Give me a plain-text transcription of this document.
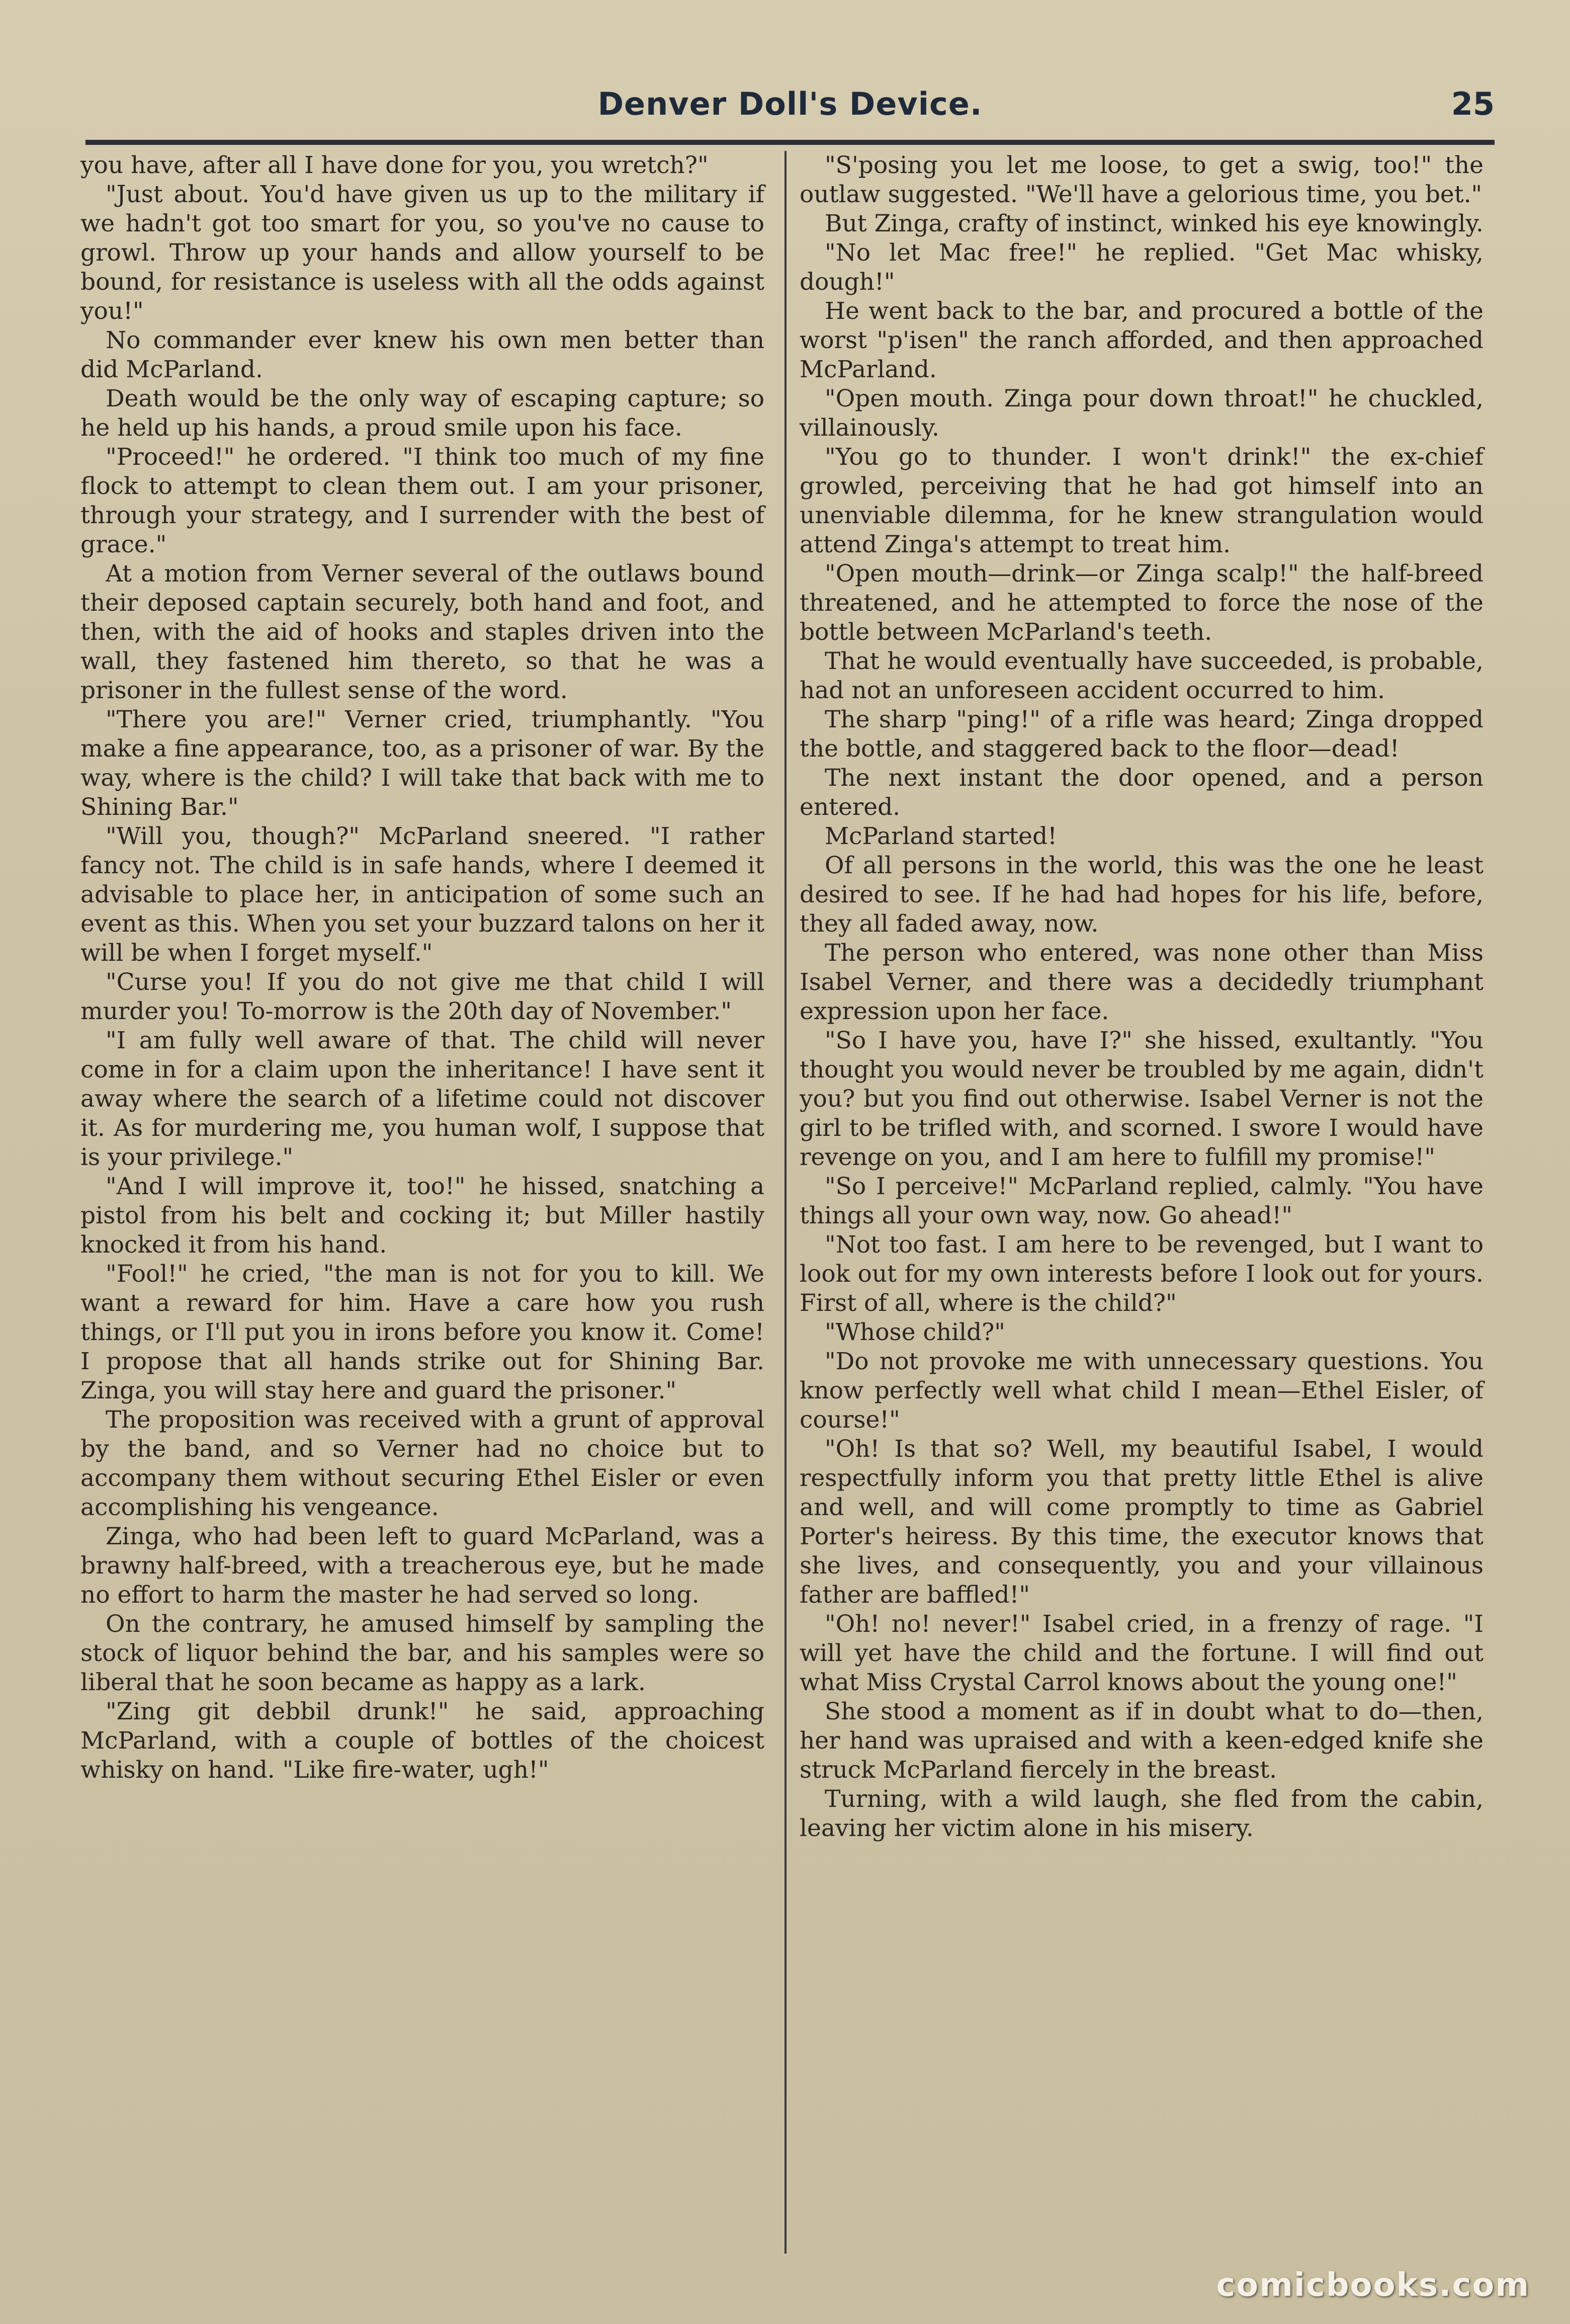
Denver Doll's Device.	25

you have, after all I have done for you, you wretch?"

"Just about. You'd have given us up to the military if we hadn't got too smart for you, so you've no cause to growl. Throw up your hands and allow yourself to be bound, for resistance is useless with all the odds against you!"

No commander ever knew his own men better than did McParland.

Death would be the only way of escaping capture; so he held up his hands, a proud smile upon his face.

"Proceed!" he ordered. "I think too much of my fine flock to attempt to clean them out. I am your prisoner, through your strategy, and I surrender with the best of grace."

At a motion from Verner several of the outlaws bound their deposed captain securely, both hand and foot, and then, with the aid of hooks and staples driven into the wall, they fastened him thereto, so that he was a prisoner in the fullest sense of the word.

"There you are!" Verner cried, triumphantly. "You make a fine appearance, too, as a prisoner of war. By the way, where is the child? I will take that back with me to Shining Bar."

"Will you, though?" McParland sneered. "I rather fancy not. The child is in safe hands, where I deemed it advisable to place her, in anticipation of some such an event as this. When you set your buzzard talons on her it will be when I forget myself."

"Curse you! If you do not give me that child I will murder you! To-morrow is the 20th day of November."

"I am fully well aware of that. The child will never come in for a claim upon the inheritance! I have sent it away where the search of a lifetime could not discover it. As for murdering me, you human wolf, I suppose that is your privilege."

"And I will improve it, too!" he hissed, snatching a pistol from his belt and cocking it; but Miller hastily knocked it from his hand.

"Fool!" he cried, "the man is not for you to kill. We want a reward for him. Have a care how you rush things, or I'll put you in irons before you know it. Come! I propose that all hands strike out for Shining Bar. Zinga, you will stay here and guard the prisoner."

The proposition was received with a grunt of approval by the band, and so Verner had no choice but to accompany them without securing Ethel Eisler or even accomplishing his vengeance.

Zinga, who had been left to guard McParland, was a brawny half-breed, with a treacherous eye, but he made no effort to harm the master he had served so long.

On the contrary, he amused himself by sampling the stock of liquor behind the bar, and his samples were so liberal that he soon became as happy as a lark.

"Zing git debbil drunk!" he said, approaching McParland, with a couple of bottles of the choicest whisky on hand. "Like fire-water, ugh!"

"S'posing you let me loose, to get a swig, too!" the outlaw suggested. "We'll have a gelorious time, you bet."

But Zinga, crafty of instinct, winked his eye knowingly.

"No let Mac free!" he replied. "Get Mac whisky, dough!"

He went back to the bar, and procured a bottle of the worst "p'isen" the ranch afforded, and then approached McParland.

"Open mouth. Zinga pour down throat!" he chuckled, villainously.

"You go to thunder. I won't drink!" the ex-chief growled, perceiving that he had got himself into an unenviable dilemma, for he knew strangulation would attend Zinga's attempt to treat him.

"Open mouth—drink—or Zinga scalp!" the half-breed threatened, and he attempted to force the nose of the bottle between McParland's teeth.

That he would eventually have succeeded, is probable, had not an unforeseen accident occurred to him.

The sharp "ping!" of a rifle was heard; Zinga dropped the bottle, and staggered back to the floor—dead!

The next instant the door opened, and a person entered.

McParland started!

Of all persons in the world, this was the one he least desired to see. If he had had hopes for his life, before, they all faded away, now.

The person who entered, was none other than Miss Isabel Verner, and there was a decidedly triumphant expression upon her face.

"So I have you, have I?" she hissed, exultantly. "You thought you would never be troubled by me again, didn't you? but you find out otherwise. Isabel Verner is not the girl to be trifled with, and scorned. I swore I would have revenge on you, and I am here to fulfill my promise!"

"So I perceive!" McParland replied, calmly. "You have things all your own way, now. Go ahead!"

"Not too fast. I am here to be revenged, but I want to look out for my own interests before I look out for yours. First of all, where is the child?"

"Whose child?"

"Do not provoke me with unnecessary questions. You know perfectly well what child I mean—Ethel Eisler, of course!"

"Oh! Is that so? Well, my beautiful Isabel, I would respectfully inform you that pretty little Ethel is alive and well, and will come promptly to time as Gabriel Porter's heiress. By this time, the executor knows that she lives, and consequently, you and your villainous father are baffled!"

"Oh! no! never!" Isabel cried, in a frenzy of rage. "I will yet have the child and the fortune. I will find out what Miss Crystal Carrol knows about the young one!"

She stood a moment as if in doubt what to do—then, her hand was upraised and with a keen-edged knife she struck McParland fiercely in the breast.

Turning, with a wild laugh, she fled from the cabin, leaving her victim alone in his misery.

comicbooks.com
